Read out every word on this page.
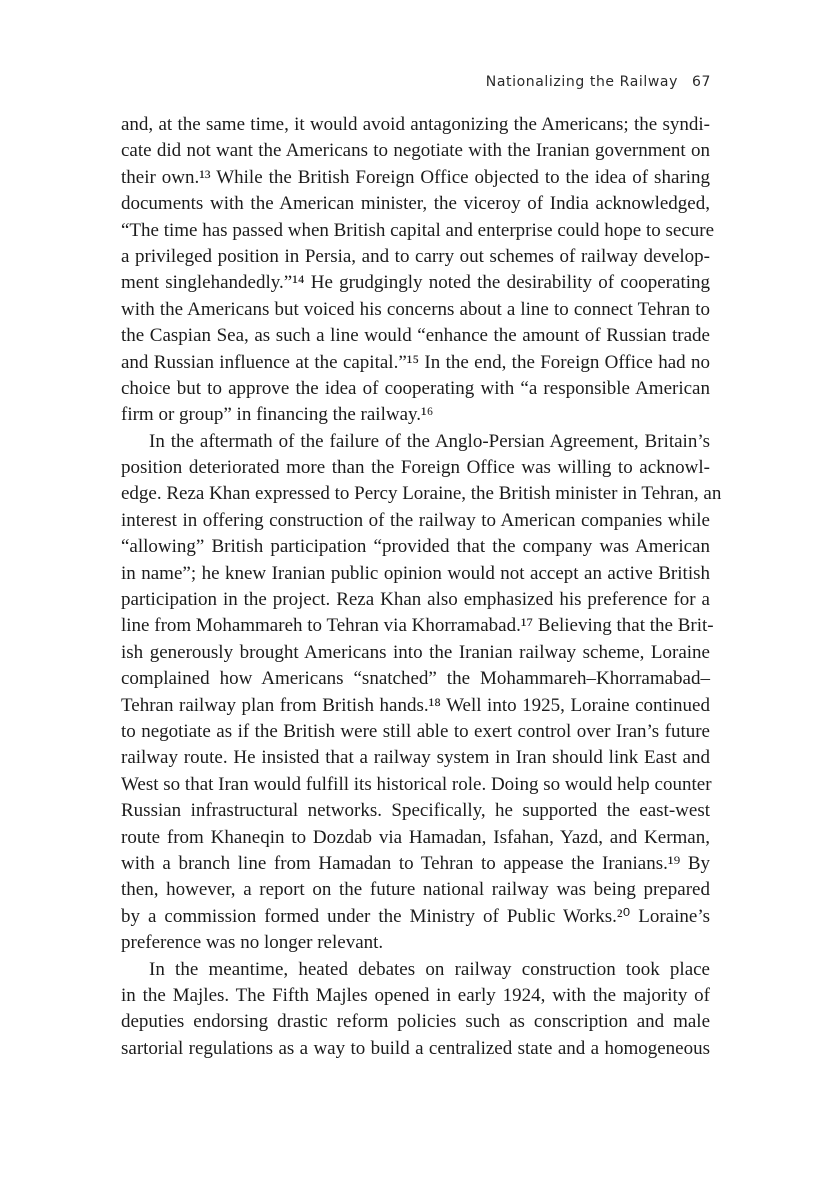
Nationalizing the Railway 67
and, at the same time, it would avoid antagonizing the Americans; the syndi-
cate did not want the Americans to negotiate with the Iranian government on
their own.¹³ While the British Foreign Office objected to the idea of sharing
documents with the American minister, the viceroy of India acknowledged,
“The time has passed when British capital and enterprise could hope to secure
a privileged position in Persia, and to carry out schemes of railway develop-
ment singlehandedly.”¹⁴ He grudgingly noted the desirability of cooperating
with the Americans but voiced his concerns about a line to connect Tehran to
the Caspian Sea, as such a line would “enhance the amount of Russian trade
and Russian influence at the capital.”¹⁵ In the end, the Foreign Office had no
choice but to approve the idea of cooperating with “a responsible American
firm or group” in financing the railway.¹⁶
In the aftermath of the failure of the Anglo-Persian Agreement, Britain’s
position deteriorated more than the Foreign Office was willing to acknowl-
edge. Reza Khan expressed to Percy Loraine, the British minister in Tehran, an
interest in offering construction of the railway to American companies while
“allowing” British participation “provided that the company was American
in name”; he knew Iranian public opinion would not accept an active British
participation in the project. Reza Khan also emphasized his preference for a
line from Mohammareh to Tehran via Khorramabad.¹⁷ Believing that the Brit-
ish generously brought Americans into the Iranian railway scheme, Loraine
complained how Americans “snatched” the Mohammareh–Khorramabad–
Tehran railway plan from British hands.¹⁸ Well into 1925, Loraine continued
to negotiate as if the British were still able to exert control over Iran’s future
railway route. He insisted that a railway system in Iran should link East and
West so that Iran would fulfill its historical role. Doing so would help counter
Russian infrastructural networks. Specifically, he supported the east-west
route from Khaneqin to Dozdab via Hamadan, Isfahan, Yazd, and Kerman,
with a branch line from Hamadan to Tehran to appease the Iranians.¹⁹ By
then, however, a report on the future national railway was being prepared
by a commission formed under the Ministry of Public Works.²⁰ Loraine’s
preference was no longer relevant.
In the meantime, heated debates on railway construction took place
in the Majles. The Fifth Majles opened in early 1924, with the majority of
deputies endorsing drastic reform policies such as conscription and male
sartorial regulations as a way to build a centralized state and a homogeneous
